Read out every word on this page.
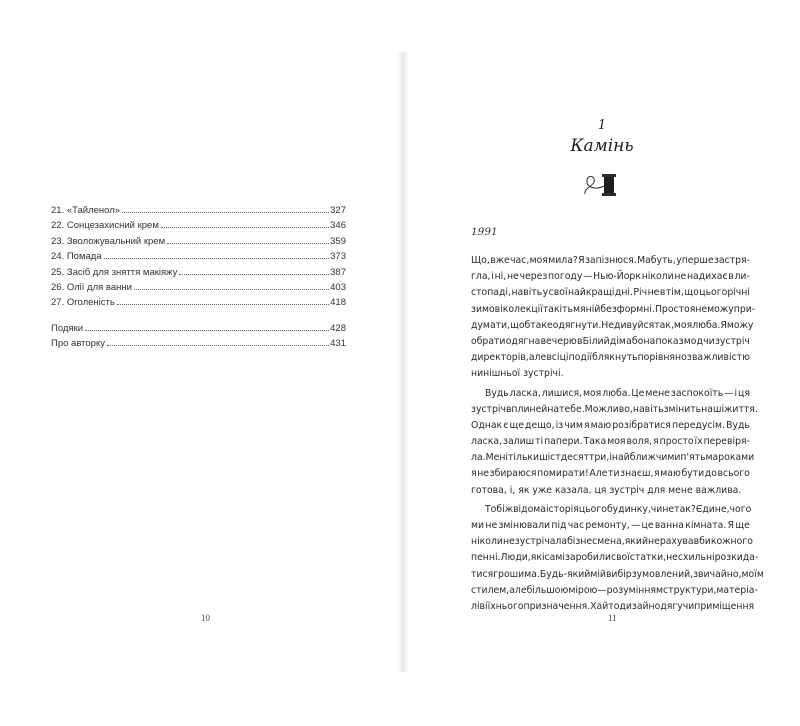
21. «Тайленол»	327
22. Сонцезахисний крем	346
23. Зволожувальний крем	359
24. Помада	373
25. Засіб для зняття макіяжу	387
26. Олії для ванни	403
27. Оголеність	418
Подяки	428
Про авторку	431
10
1
Камінь
1991
Що, вже час, моя мила? Я запізнюся. Мабуть, уперше застря-
гла, і ні, не через погоду — Нью-Йорк ніколи не надихає в ли-
стопаді, навіть у свої найкращі дні. Річ не в тім, що цьогорічні
зимові колекції такі тьмяні й безформні. Просто я не можу при-
думати, що б таке одягнути. Не дивуйся так, моя люба. Я можу
обрати одяг на вечерю в Білий дім або на показ мод чи зустріч
директорів, але всі ці події блякнуть порівняно з важливістю
нинішньої зустрічі.
Вудь ласка, лишися, моя люба. Це мене заспокоїть — і ця
зустріч вплине й на тебе. Можливо, навіть змінить наші життя.
Однак є ще дещо, із чим я маю розібратися передусім. Вудь
ласка, залиш ті папери. Така моя воля, я просто їх перевіря-
ла. Мені тільки шістдесят три, і найближчими п'ятьма роками
я не збираюся помирати! Але ти знаєш, я маю бути до всього
готова, і, як уже казала, ця зустріч для мене важлива.
Тобі ж відома історія цього будинку, чи не так? Єдине, чого
ми не змінювали під час ремонту, — це ванна кімната. Я ще
ніколи не зустрічала бізнесмена, який не рахував би кожного
пенні. Люди, які самі заробили свої статки, не схильні розкида-
тися грошима. Будь-який мій вибір зумовлений, звичайно, моїм
стилем, але більшою мірою — розумінням структури, матеріа-
лів і їхнього призначення. Хай то дизайн одягу чи приміщення
11
